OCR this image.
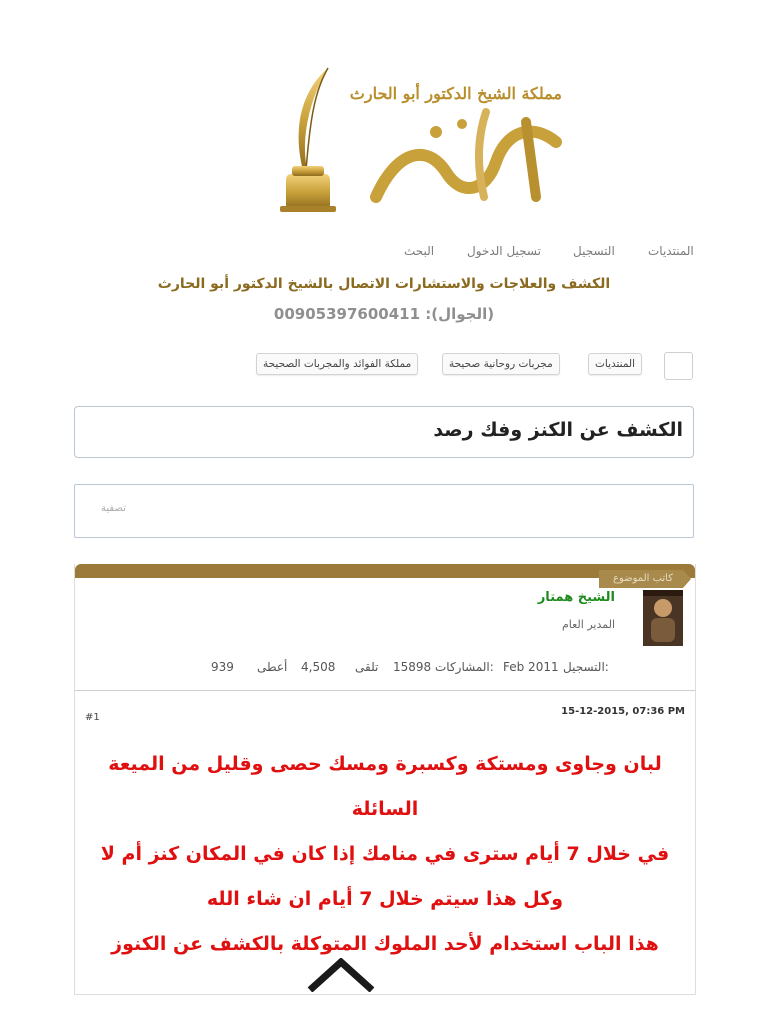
مملكة الشيخ الدكتور أبو الحارث
المنتديات
التسجيل
تسجيل الدخول
البحث
الكشف والعلاجات والاستشارات الاتصال بالشيخ الدكتور أبو الحارث
(الجوال): 00905397600411
المنتديات
مجربات روحانية صحيحة
مملكة الفوائد والمجربات الصحيحة
الكشف عن الكنز وفك رصد
تصفية
كاتب الموضوع
الشيخ همتار
المدير العام
939 أعطى 4,508 تلقى 15898 المشاركات: Feb 2011 التسجيل:
15-12-2015, 07:36 PM
#1
لبان وجاوى ومستكة وكسبرة ومسك حصى وقليل من الميعة
السائلة
في خلال 7 أيام سترى في منامك إذا كان في المكان كنز أم لا
وكل هذا سيتم خلال 7 أيام ان شاء الله
هذا الباب استخدام لأحد الملوك المتوكلة بالكشف عن الكنوز
